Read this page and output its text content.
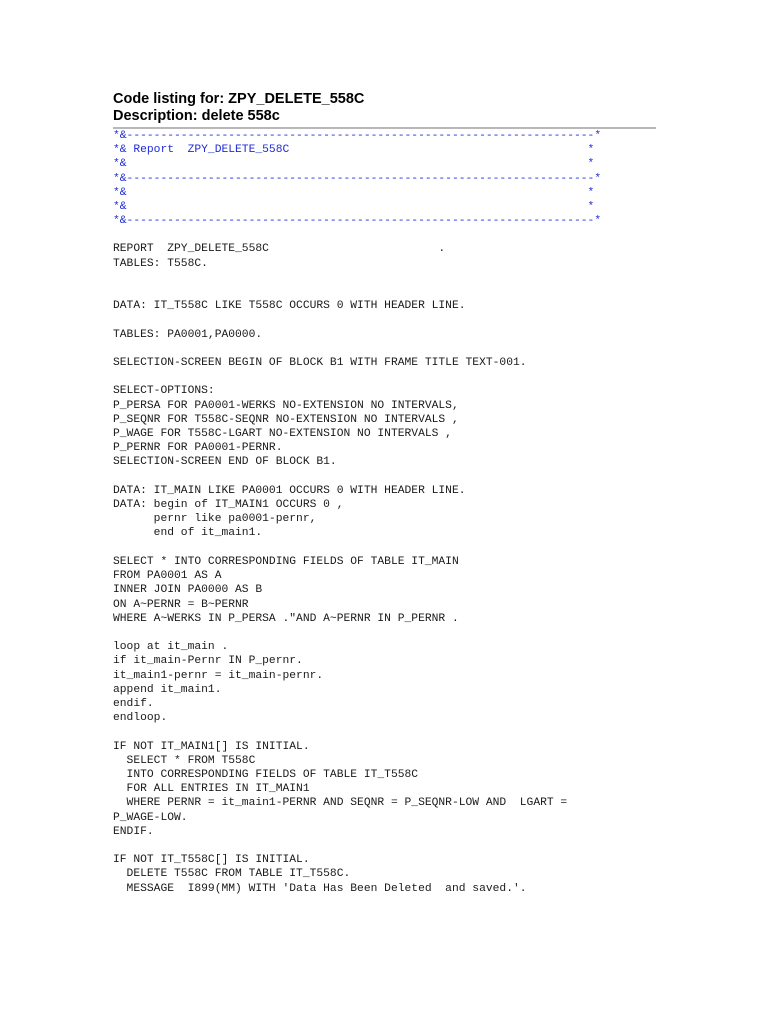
Code listing for: ZPY_DELETE_558C
Description: delete 558c
*&---------------------------------------------------------------------*
*& Report  ZPY_DELETE_558C                                            *
*&                                                                    *
*&---------------------------------------------------------------------*
*&                                                                    *
*&                                                                    *
*&---------------------------------------------------------------------*
REPORT  ZPY_DELETE_558C                         .
TABLES: T558C.

DATA: IT_T558C LIKE T558C OCCURS 0 WITH HEADER LINE.

TABLES: PA0001,PA0000.

SELECTION-SCREEN BEGIN OF BLOCK B1 WITH FRAME TITLE TEXT-001.

SELECT-OPTIONS:
P_PERSA FOR PA0001-WERKS NO-EXTENSION NO INTERVALS,
P_SEQNR FOR T558C-SEQNR NO-EXTENSION NO INTERVALS ,
P_WAGE FOR T558C-LGART NO-EXTENSION NO INTERVALS ,
P_PERNR FOR PA0001-PERNR.
SELECTION-SCREEN END OF BLOCK B1.

DATA: IT_MAIN LIKE PA0001 OCCURS 0 WITH HEADER LINE.
DATA: begin of IT_MAIN1 OCCURS 0 ,
pernr like pa0001-pernr,
end of it_main1.

SELECT * INTO CORRESPONDING FIELDS OF TABLE IT_MAIN
FROM PA0001 AS A
INNER JOIN PA0000 AS B
ON A~PERNR = B~PERNR
WHERE A~WERKS IN P_PERSA ."AND A~PERNR IN P_PERNR .

loop at it_main .
if it_main-Pernr IN P_pernr.
it_main1-pernr = it_main-pernr.
append it_main1.
endif.
endloop.

IF NOT IT_MAIN1[] IS INITIAL.
SELECT * FROM T558C
INTO CORRESPONDING FIELDS OF TABLE IT_T558C
FOR ALL ENTRIES IN IT_MAIN1
WHERE PERNR = it_main1-PERNR AND SEQNR = P_SEQNR-LOW AND  LGART =
P_WAGE-LOW.
ENDIF.

IF NOT IT_T558C[] IS INITIAL.
DELETE T558C FROM TABLE IT_T558C.
MESSAGE  I899(MM) WITH 'Data Has Been Deleted  and saved.'.
